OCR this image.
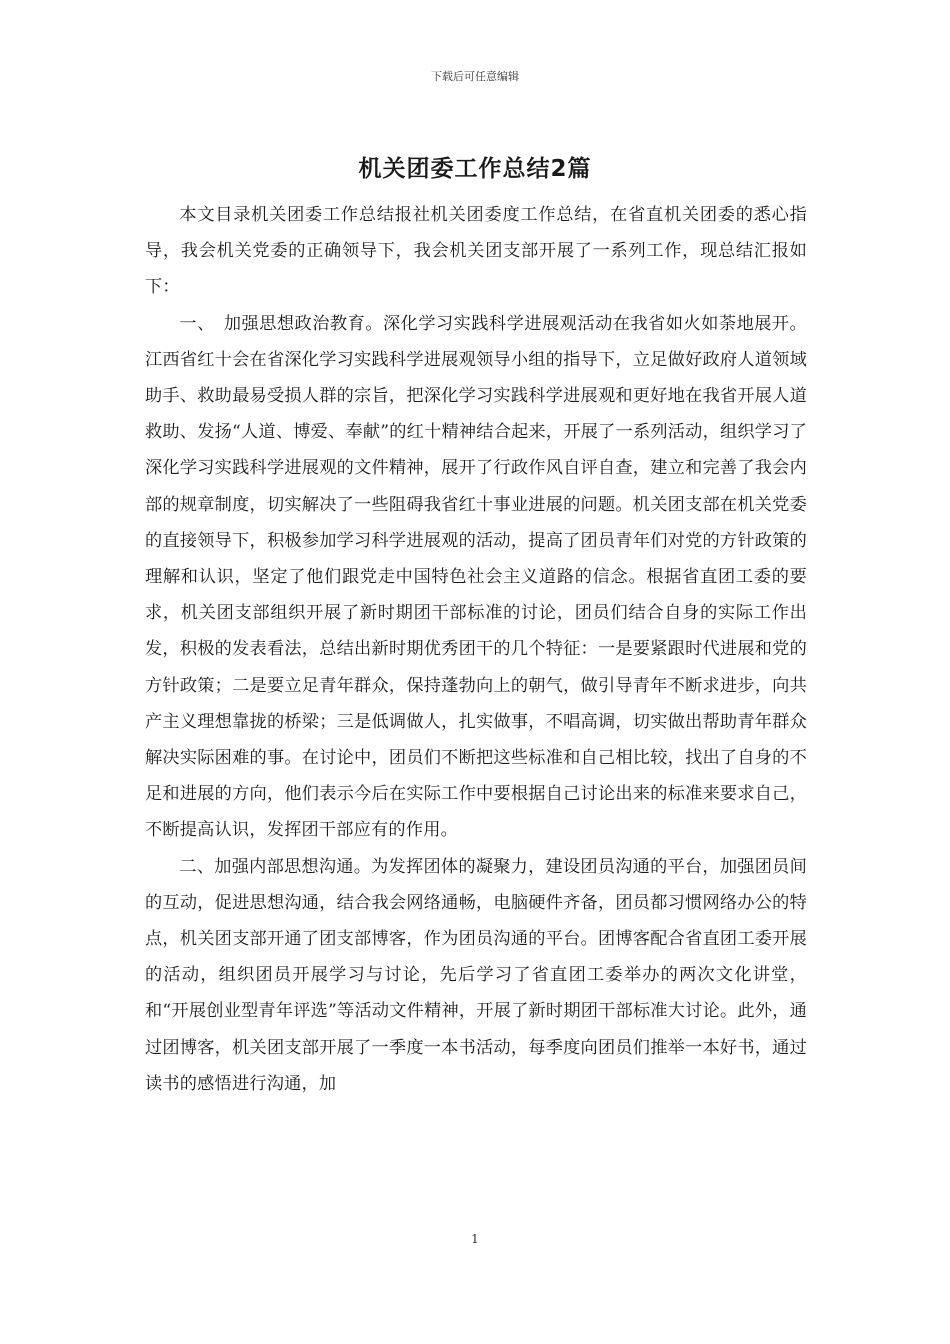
下载后可任意编辑
机关团委工作总结2篇

本文目录机关团委工作总结报社机关团委度工作总结，在省直机关团委的悉心指导，我会机关党委的正确领导下，我会机关团支部开展了一系列工作，现总结汇报如下：

一、　加强思想政治教育。深化学习实践科学进展观活动在我省如火如荼地展开。江西省红十会在省深化学习实践科学进展观领导小组的指导下，立足做好政府人道领域助手、救助最易受损人群的宗旨，把深化学习实践科学进展观和更好地在我省开展人道救助、发扬“人道、博爱、奉献”的红十精神结合起来，开展了一系列活动，组织学习了深化学习实践科学进展观的文件精神，展开了行政作风自评自查，建立和完善了我会内部的规章制度，切实解决了一些阻碍我省红十事业进展的问题。机关团支部在机关党委的直接领导下，积极参加学习科学进展观的活动，提高了团员青年们对党的方针政策的理解和认识，坚定了他们跟党走中国特色社会主义道路的信念。根据省直团工委的要求，机关团支部组织开展了新时期团干部标准的讨论，团员们结合自身的实际工作出发，积极的发表看法，总结出新时期优秀团干的几个特征：一是要紧跟时代进展和党的方针政策；二是要立足青年群众，保持蓬勃向上的朝气，做引导青年不断求进步，向共产主义理想靠拢的桥梁；三是低调做人，扎实做事，不唱高调，切实做出帮助青年群众解决实际困难的事。在讨论中，团员们不断把这些标准和自己相比较，找出了自身的不足和进展的方向，他们表示今后在实际工作中要根据自己讨论出来的标准来要求自己，不断提高认识，发挥团干部应有的作用。

二、加强内部思想沟通。为发挥团体的凝聚力，建设团员沟通的平台，加强团员间的互动，促进思想沟通，结合我会网络通畅，电脑硬件齐备，团员都习惯网络办公的特点，机关团支部开通了团支部博客，作为团员沟通的平台。团博客配合省直团工委开展的活动，组织团员开展学习与讨论，先后学习了省直团工委举办的两次文化讲堂，和“开展创业型青年评选”等活动文件精神，开展了新时期团干部标准大讨论。此外，通过团博客，机关团支部开展了一季度一本书活动，每季度向团员们推举一本好书，通过读书的感悟进行沟通，加

1
